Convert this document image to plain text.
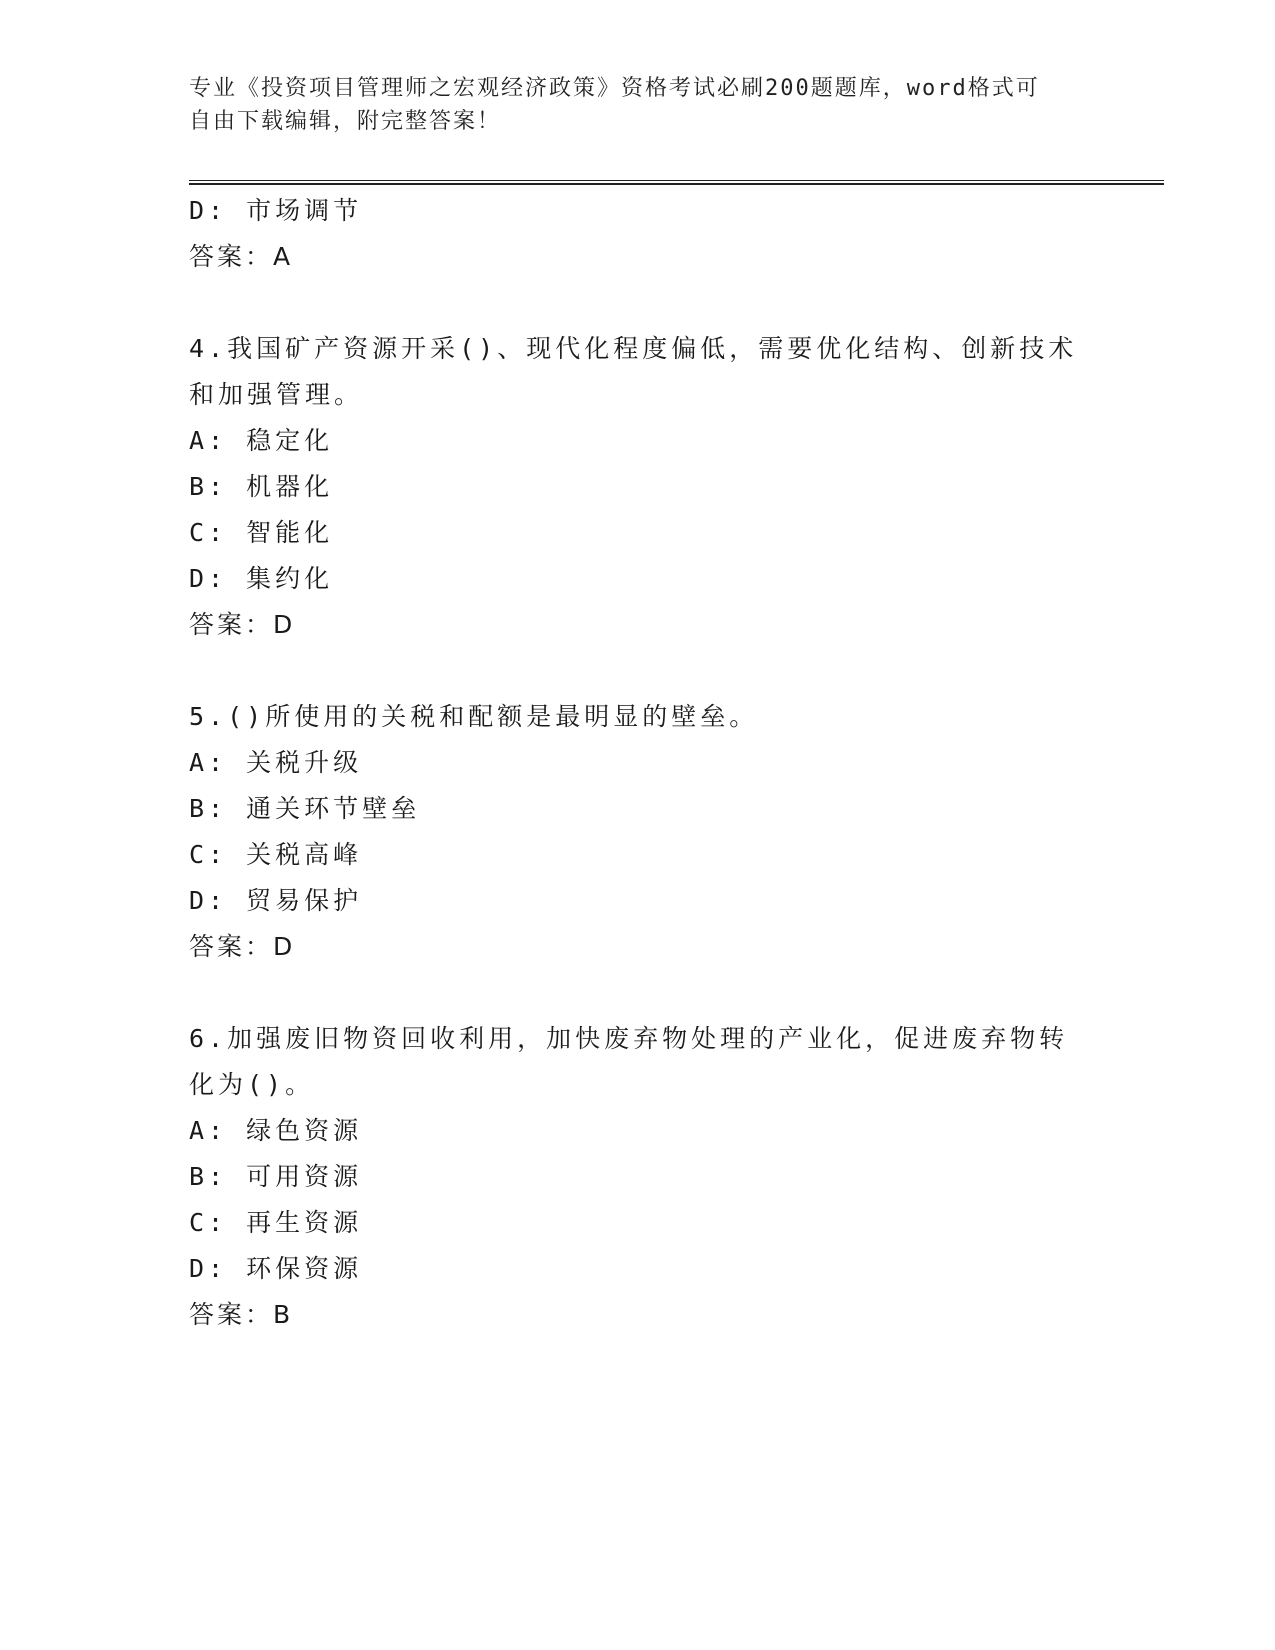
专业《投资项目管理师之宏观经济政策》资格考试必刷200题题库，word格式可
自由下载编辑，附完整答案！
D: 市场调节
答案：A
4.我国矿产资源开采()、现代化程度偏低，需要优化结构、创新技术
和加强管理。
A: 稳定化
B: 机器化
C: 智能化
D: 集约化
答案：D
5.()所使用的关税和配额是最明显的壁垒。
A: 关税升级
B: 通关环节壁垒
C: 关税高峰
D: 贸易保护
答案：D
6.加强废旧物资回收利用，加快废弃物处理的产业化，促进废弃物转
化为()。
A: 绿色资源
B: 可用资源
C: 再生资源
D: 环保资源
答案：B
